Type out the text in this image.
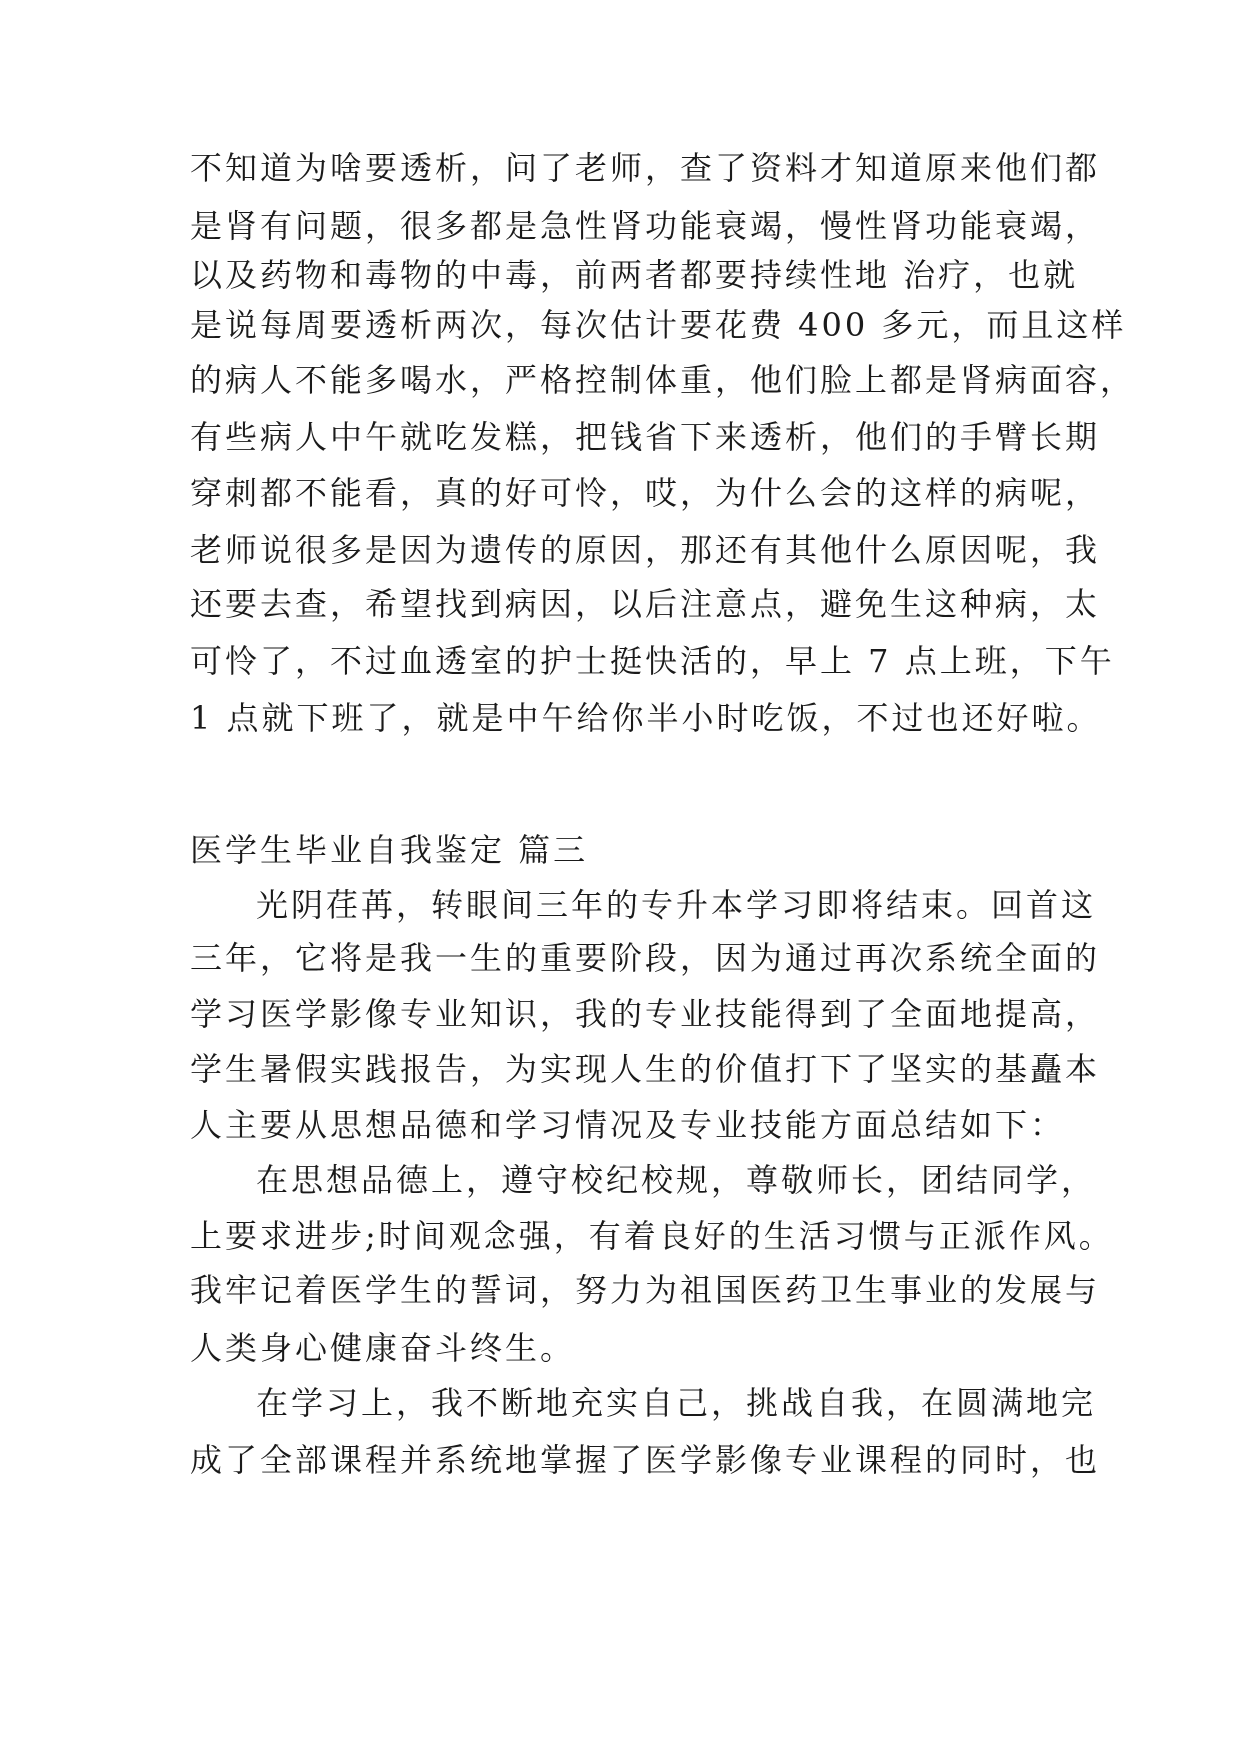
不知道为啥要透析，问了老师，查了资料才知道原来他们都
是肾有问题，很多都是急性肾功能衰竭，慢性肾功能衰竭，
以及药物和毒物的中毒，前两者都要持续性地 治疗，也就
是说每周要透析两次，每次估计要花费 400 多元，而且这样
的病人不能多喝水，严格控制体重，他们脸上都是肾病面容，
有些病人中午就吃发糕，把钱省下来透析，他们的手臂长期
穿刺都不能看，真的好可怜，哎，为什么会的这样的病呢，
老师说很多是因为遗传的原因，那还有其他什么原因呢，我
还要去查，希望找到病因，以后注意点，避免生这种病，太
可怜了，不过血透室的护士挺快活的，早上 7 点上班，下午
1 点就下班了，就是中午给你半小时吃饭，不过也还好啦。
医学生毕业自我鉴定 篇三
光阴荏苒，转眼间三年的专升本学习即将结束。回首这
三年，它将是我一生的重要阶段，因为通过再次系统全面的
学习医学影像专业知识，我的专业技能得到了全面地提高，
学生暑假实践报告，为实现人生的价值打下了坚实的基矗本
人主要从思想品德和学习情况及专业技能方面总结如下：
在思想品德上，遵守校纪校规，尊敬师长，团结同学，
上要求进步;时间观念强，有着良好的生活习惯与正派作风。
我牢记着医学生的誓词，努力为祖国医药卫生事业的发展与
人类身心健康奋斗终生。
在学习上，我不断地充实自己，挑战自我，在圆满地完
成了全部课程并系统地掌握了医学影像专业课程的同时，也
